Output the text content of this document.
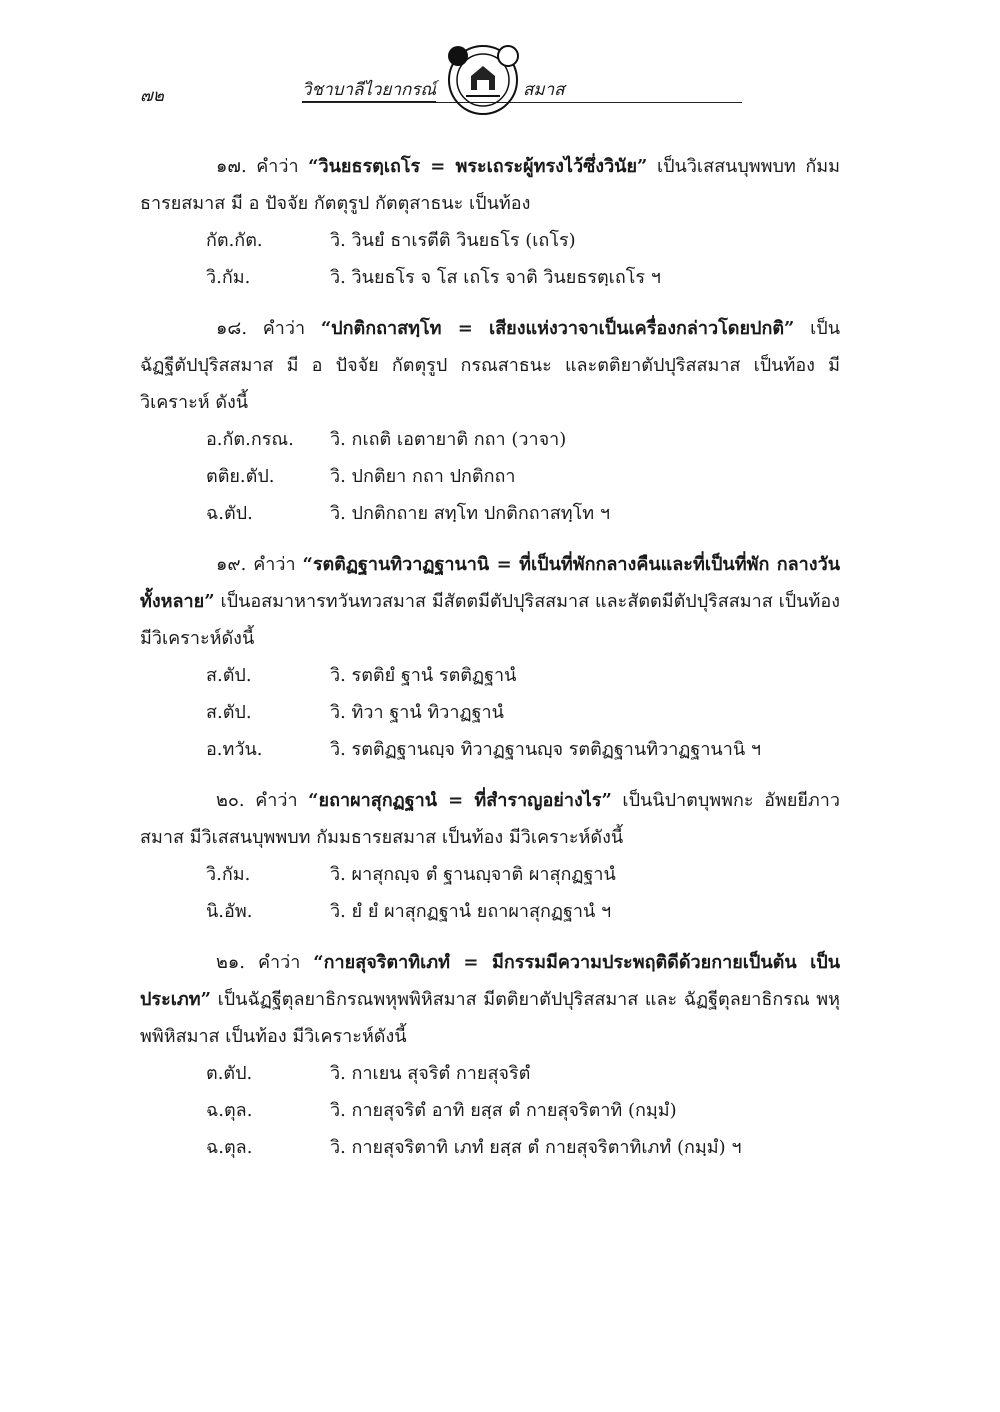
๗๒	วิชาบาลีไวยากรณ์	สมาส

๑๗. คำว่า “วินยธรตฺเถโร = พระเถระผู้ทรงไว้ซึ่งวินัย” เป็นวิเสสนบุพพบท กัมมธารยสมาส มี อ ปัจจัย กัตตุรูป กัตตุสาธนะ เป็นท้อง

กัต.กัต.	วิ. วินยํ ธาเรตีติ วินยธโร (เถโร)
วิ.กัม.	วิ. วินยธโร จ โส เถโร จาติ วินยธรตฺเถโร ฯ

๑๘. คำว่า “ปกติกถาสทฺโท = เสียงแห่งวาจาเป็นเครื่องกล่าวโดยปกติ” เป็น ฉัฏฐีตัปปุริสสมาส มี อ ปัจจัย กัตตุรูป กรณสาธนะ และตติยาตัปปุริสสมาส เป็นท้อง มีวิเคราะห์ ดังนี้

อ.กัต.กรณ.	วิ. กเถติ เอตายาติ กถา (วาจา)
ตติย.ตัป.	วิ. ปกติยา กถา ปกติกถา
ฉ.ตัป.	วิ. ปกติกถาย สทฺโท ปกติกถาสทฺโท ฯ

๑๙. คำว่า “รตติฏฐานทิวาฏฐานานิ = ที่เป็นที่พักกลางคืนและที่เป็นที่พัก กลางวันทั้งหลาย” เป็นอสมาหารทวันทวสมาส มีสัตตมีตัปปุริสสมาส และสัตตมีตัปปุริสสมาส เป็นท้อง มีวิเคราะห์ดังนี้

ส.ตัป.	วิ. รตติยํ ฐานํ รตติฏฐานํ
ส.ตัป.	วิ. ทิวา ฐานํ ทิวาฏฐานํ
อ.ทวัน.	วิ. รตติฏฐานญฺจ ทิวาฏฐานญฺจ รตติฏฐานทิวาฏฐานานิ ฯ

๒๐. คำว่า “ยถาผาสุกฏฐานํ = ที่สำราญอย่างไร” เป็นนิปาตบุพพกะ อัพยยีภาวสมาส มีวิเสสนบุพพบท กัมมธารยสมาส เป็นท้อง มีวิเคราะห์ดังนี้

วิ.กัม.	วิ. ผาสุกญฺจ ตํ ฐานญฺจาติ ผาสุกฏฐานํ
นิ.อัพ.	วิ. ยํ ยํ ผาสุกฏฐานํ ยถาผาสุกฏฐานํ ฯ

๒๑. คำว่า “กายสุจริตาทิเภทํ = มีกรรมมีความประพฤติดีด้วยกายเป็นต้น เป็นประเภท” เป็นฉัฏฐีตุลยาธิกรณพหุพพิหิสมาส มีตติยาตัปปุริสสมาส และ ฉัฏฐีตุลยาธิกรณ พหุพพิหิสมาส เป็นท้อง มีวิเคราะห์ดังนี้

ต.ตัป.	วิ. กาเยน สุจริตํ กายสุจริตํ
ฉ.ตุล.	วิ. กายสุจริตํ อาทิ ยสฺส ตํ กายสุจริตาทิ (กมฺมํ)
ฉ.ตุล.	วิ. กายสุจริตาทิ เภทํ ยสฺส ตํ กายสุจริตาทิเภทํ (กมฺมํ) ฯ
